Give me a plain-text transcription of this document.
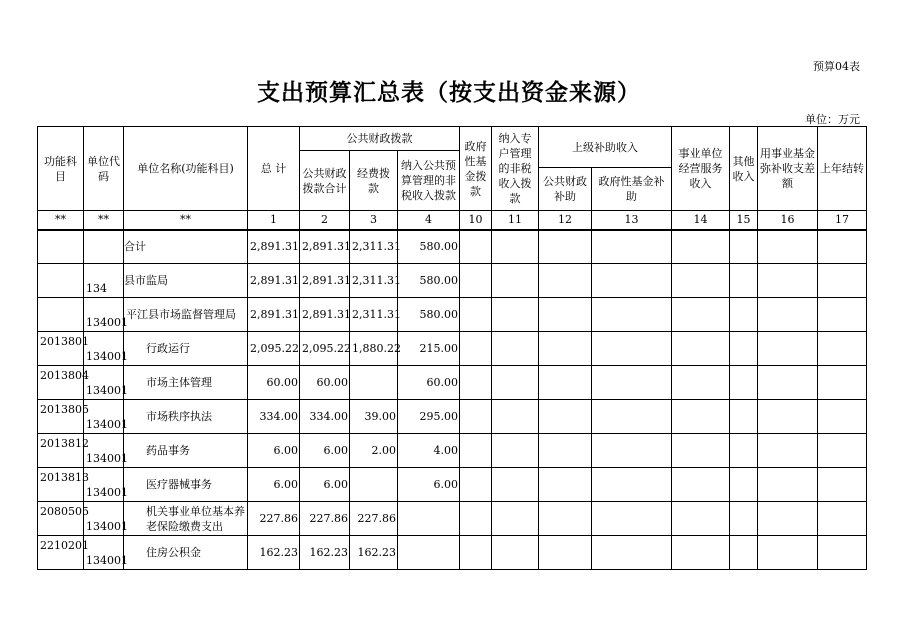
预算04表
支出预算汇总表（按支出资金来源）
单位：万元
功能科目	单位代码	单位名称(功能科目)	总 计	公共财政拨款			政府性基金拨款	纳入专户管理的非税收入拨款	上级补助收入		事业单位经营服务收入	其他收入	用事业基金弥补收支差额	上年结转
				公共财政拨款合计	经费拨款	纳入公共预算管理的非税收入拨款								
									公共财政补助	政府性基金补助				
**	**	**	1	2	3	4	10	11	12	13	14	15	16	17
		合计	2,891.31	2,891.31	2,311.31	580.00								
	134	县市监局	2,891.31	2,891.31	2,311.31	580.00								
	134001	平江县市场监督管理局	2,891.31	2,891.31	2,311.31	580.00								
2013801	134001	行政运行	2,095.22	2,095.22	1,880.22	215.00								
2013804	134001	市场主体管理	60.00	60.00		60.00								
2013805	134001	市场秩序执法	334.00	334.00	39.00	295.00								
2013812	134001	药品事务	6.00	6.00	2.00	4.00								
2013813	134001	医疗器械事务	6.00	6.00		6.00								
2080505	134001	机关事业单位基本养老保险缴费支出	227.86	227.86	227.86									
2210201	134001	住房公积金	162.23	162.23	162.23									
